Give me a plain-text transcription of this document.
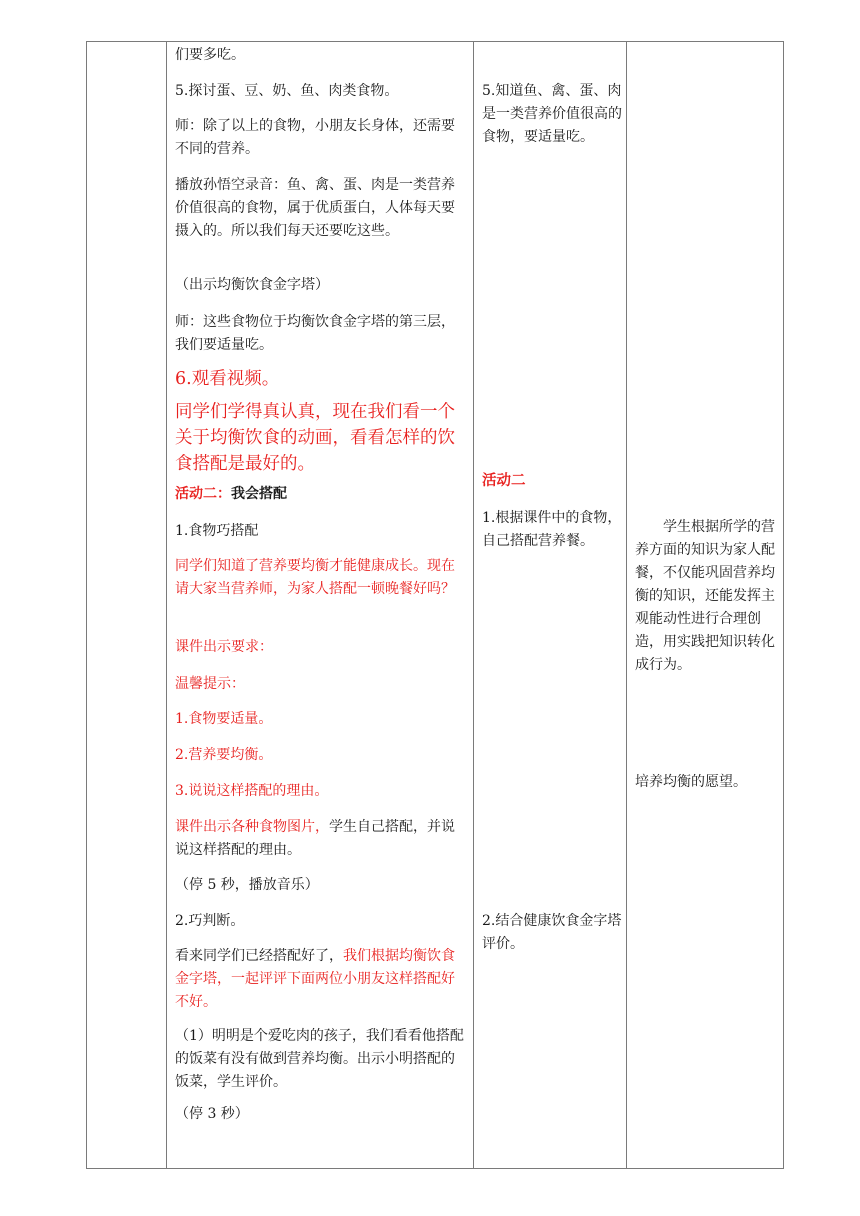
们要多吃。

5.探讨蛋、豆、奶、鱼、肉类食物。

师：除了以上的食物，小朋友长身体，还需要不同的营养。

播放孙悟空录音：鱼、禽、蛋、肉是一类营养价值很高的食物，属于优质蛋白，人体每天要摄入的。所以我们每天还要吃这些。

（出示均衡饮食金字塔）

师：这些食物位于均衡饮食金字塔的第三层，我们要适量吃。

6.观看视频。

同学们学得真认真，现在我们看一个关于均衡饮食的动画，看看怎样的饮食搭配是最好的。

活动二：我会搭配

1.食物巧搭配

同学们知道了营养要均衡才能健康成长。现在请大家当营养师，为家人搭配一顿晚餐好吗？

课件出示要求：

温馨提示：

1.食物要适量。

2.营养要均衡。

3.说说这样搭配的理由。

课件出示各种食物图片，学生自己搭配，并说说这样搭配的理由。

（停 5 秒，播放音乐）

2.巧判断。

看来同学们已经搭配好了，我们根据均衡饮食金字塔，一起评评下面两位小朋友这样搭配好不好。

（1）明明是个爱吃肉的孩子，我们看看他搭配的饭菜有没有做到营养均衡。出示小明搭配的饭菜，学生评价。

（停 3 秒）

5.知道鱼、禽、蛋、肉是一类营养价值很高的食物，要适量吃。

活动二

1.根据课件中的食物，自己搭配营养餐。

2.结合健康饮食金字塔评价。

学生根据所学的营养方面的知识为家人配餐，不仅能巩固营养均衡的知识，还能发挥主观能动性进行合理创造，用实践把知识转化成行为。

培养均衡的愿望。
